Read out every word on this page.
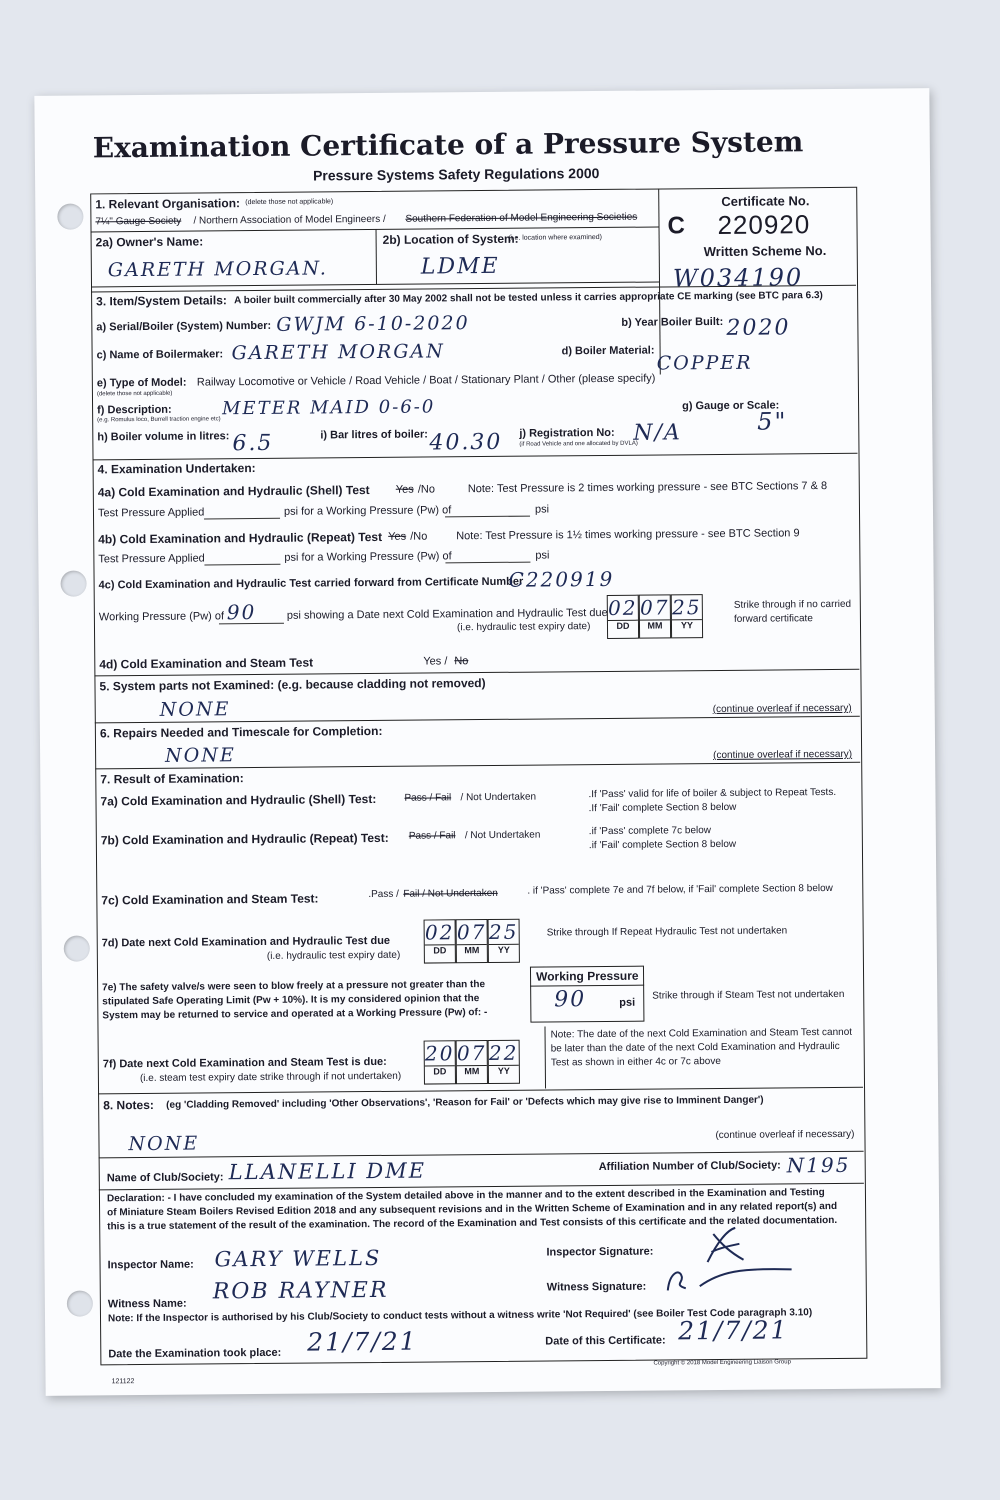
Examination Certificate of a Pressure System
Pressure Systems Safety Regulations 2000
1. Relevant Organisation: (delete those not applicable)
7¼" Gauge Society / Northern Association of Model Engineers / Southern Federation of Model Engineering Societies
Certificate No.
C 220920
Written Scheme No.
W034190
2a) Owner's Name:
GARETH MORGAN.
2b) Location of System:
(i.e. location where examined)
LDME
3. Item/System Details: A boiler built commercially after 30 May 2002 shall not be tested unless it carries appropriate CE marking (see BTC para 6.3)
a) Serial/Boiler (System) Number: GWJM 6-10-2020	b) Year Boiler Built: 2020
c) Name of Boilermaker: GARETH MORGAN	d) Boiler Material:
COPPER
e) Type of Model:
(delete those not applicable)
Railway Locomotive or Vehicle / Road Vehicle / Boat / Stationary Plant / Other (please specify)
f) Description:
(e.g. Romulus loco, Burrell traction engine etc)
METER MAID 0-6-0	g) Gauge or Scale:
5"
h) Boiler volume in litres: 6.5	i) Bar litres of boiler: 40.30 j) Registration No:
(if Road Vehicle and one allocated by DVLA)
N/A
4. Examination Undertaken:
4a) Cold Examination and Hydraulic (Shell) Test Yes /No	Note: Test Pressure is 2 times working pressure - see BTC Sections 7 & 8
Test Pressure Applied	psi for a Working Pressure (Pw) of	psi
4b) Cold Examination and Hydraulic (Repeat) Test Yes /No	Note: Test Pressure is 1½ times working pressure - see BTC Section 9
Test Pressure Applied	psi for a Working Pressure (Pw) of	psi
4c) Cold Examination and Hydraulic Test carried forward from Certificate Number
C220919
Working Pressure (Pw) of 90	psi showing a Date next Cold Examination and Hydraulic Test due
(i.e. hydraulic test expiry date)
02
DD
07
MM
25
YY
Strike through if no carried
forward certificate
4d) Cold Examination and Steam Test	Yes / No
5. System parts not Examined: (e.g. because cladding not removed)
NONE	(continue overleaf if necessary)
6. Repairs Needed and Timescale for Completion:
NONE	(continue overleaf if necessary)
7. Result of Examination:
7a) Cold Examination and Hydraulic (Shell) Test:	Pass / Fail / Not Undertaken	.If 'Pass' valid for life of boiler & subject to Repeat Tests.
.If 'Fail' complete Section 8 below
7b) Cold Examination and Hydraulic (Repeat) Test: Pass / Fail / Not Undertaken	.if 'Pass' complete 7c below
.if 'Fail' complete Section 8 below
7c) Cold Examination and Steam Test:	.Pass / Fail / Not Undertaken	. if 'Pass' complete 7e and 7f below, if 'Fail' complete Section 8 below
7d) Date next Cold Examination and Hydraulic Test due
(i.e. hydraulic test expiry date)
02
DD
07
MM
25
YY
Strike through If Repeat Hydraulic Test not undertaken
7e) The safety valve/s were seen to blow freely at a pressure not greater than the
stipulated Safe Operating Limit (Pw + 10%). It is my considered opinion that the
System may be returned to service and operated at a Working Pressure (Pw) of: -
Working Pressure
90	psi
Strike through if Steam Test not undertaken
7f) Date next Cold Examination and Steam Test is due:
(i.e. steam test expiry date strike through if not undertaken)
20
DD
07
MM
22
YY
Note: The date of the next Cold Examination and Steam Test cannot
be later than the date of the next Cold Examination and Hydraulic
Test as shown in either 4c or 7c above
8. Notes: (eg 'Cladding Removed' including 'Other Observations', 'Reason for Fail' or 'Defects which may give rise to Imminent Danger')
NONE	(continue overleaf if necessary)
Name of Club/Society: LLANELLI DME	Affiliation Number of Club/Society: N195
Declaration: - I have concluded my examination of the System detailed above in the manner and to the extent described in the Examination and Testing
of Miniature Steam Boilers Revised Edition 2018 and any subsequent revisions and in the Written Scheme of Examination and in any related report(s) and
this is a true statement of the result of the examination. The record of the Examination and Test consists of this certificate and the related documentation.
Inspector Name: GARY WELLS	Inspector Signature:
Witness Name: ROB RAYNER	Witness Signature:
Note: If the Inspector is authorised by his Club/Society to conduct tests without a witness write 'Not Required' (see Boiler Test Code paragraph 3.10)
Date the Examination took place: 21/7/21	Date of this Certificate: 21/7/21
Copyright © 2018 Model Engineering Liaison Group
121122
